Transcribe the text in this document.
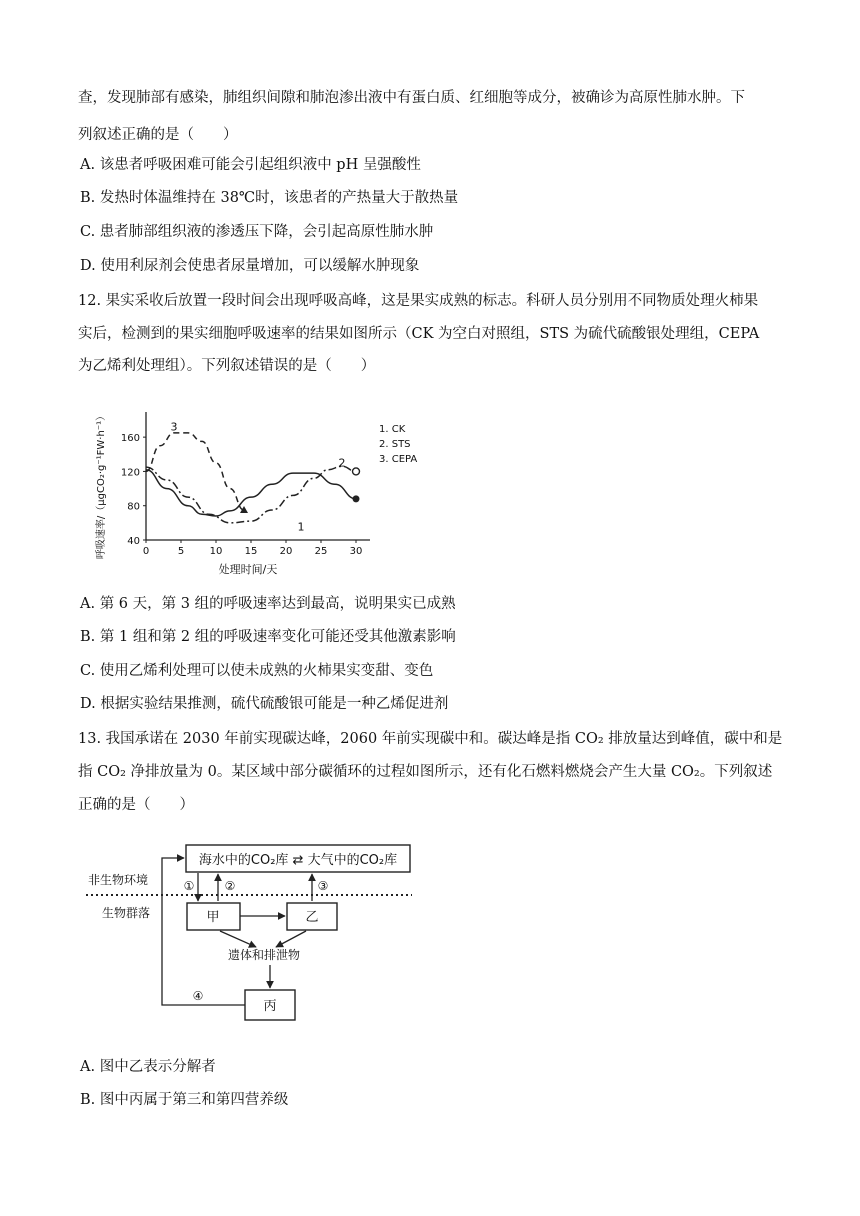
查，发现肺部有感染，肺组织间隙和肺泡渗出液中有蛋白质、红细胞等成分，被确诊为高原性肺水肿。下
列叙述正确的是（　　）
A. 该患者呼吸困难可能会引起组织液中 pH 呈强酸性
B. 发热时体温维持在 38℃时，该患者的产热量大于散热量
C. 患者肺部组织液的渗透压下降，会引起高原性肺水肿
D. 使用利尿剂会使患者尿量增加，可以缓解水肿现象
12. 果实采收后放置一段时间会出现呼吸高峰，这是果实成熟的标志。科研人员分别用不同物质处理火柿果
实后，检测到的果实细胞呼吸速率的结果如图所示（CK 为空白对照组，STS 为硫代硫酸银处理组，CEPA
为乙烯利处理组）。下列叙述错误的是（　　）
0	5	10 15 20 25 30
40
80
120
160
1
2
3	1. CK
2. STS
3. CEPA
呼吸速率/（μgCO₂·g⁻¹FW·h⁻¹）
处理时间/天
A. 第 6 天，第 3 组的呼吸速率达到最高，说明果实已成熟
B. 第 1 组和第 2 组的呼吸速率变化可能还受其他激素影响
C. 使用乙烯利处理可以使未成熟的火柿果实变甜、变色
D. 根据实验结果推测，硫代硫酸银可能是一种乙烯促进剂
13. 我国承诺在 2030 年前实现碳达峰，2060 年前实现碳中和。碳达峰是指 CO₂ 排放量达到峰值，碳中和是
指 CO₂ 净排放量为 0。某区域中部分碳循环的过程如图所示，还有化石燃料燃烧会产生大量 CO₂。下列叙述
正确的是（　　）
海水中的CO₂库 ⇄ 大气中的CO₂库
非生物环境
生物群落	甲	乙
丙
遗体和排泄物
①	②	③
④
A. 图中乙表示分解者
B. 图中丙属于第三和第四营养级
